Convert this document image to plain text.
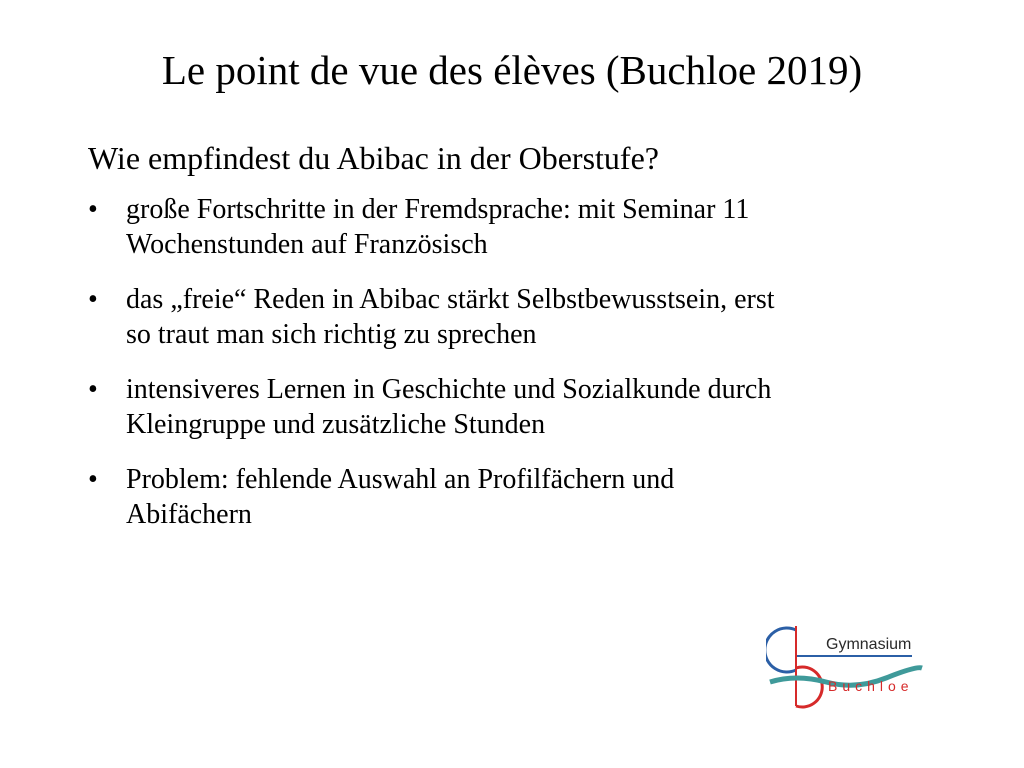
Le point de vue des élèves (Buchloe 2019)

Wie empfindest du Abibac in der Oberstufe?

• große Fortschritte in der Fremdsprache: mit Seminar 11
Wochenstunden auf Französisch
• das „freie“ Reden in Abibac stärkt Selbstbewusstsein, erst
so traut man sich richtig zu sprechen
• intensiveres Lernen in Geschichte und Sozialkunde durch
Kleingruppe und zusätzliche Stunden
• Problem: fehlende Auswahl an Profilfächern und
Abifächern
Gymnasium
Buchloe
